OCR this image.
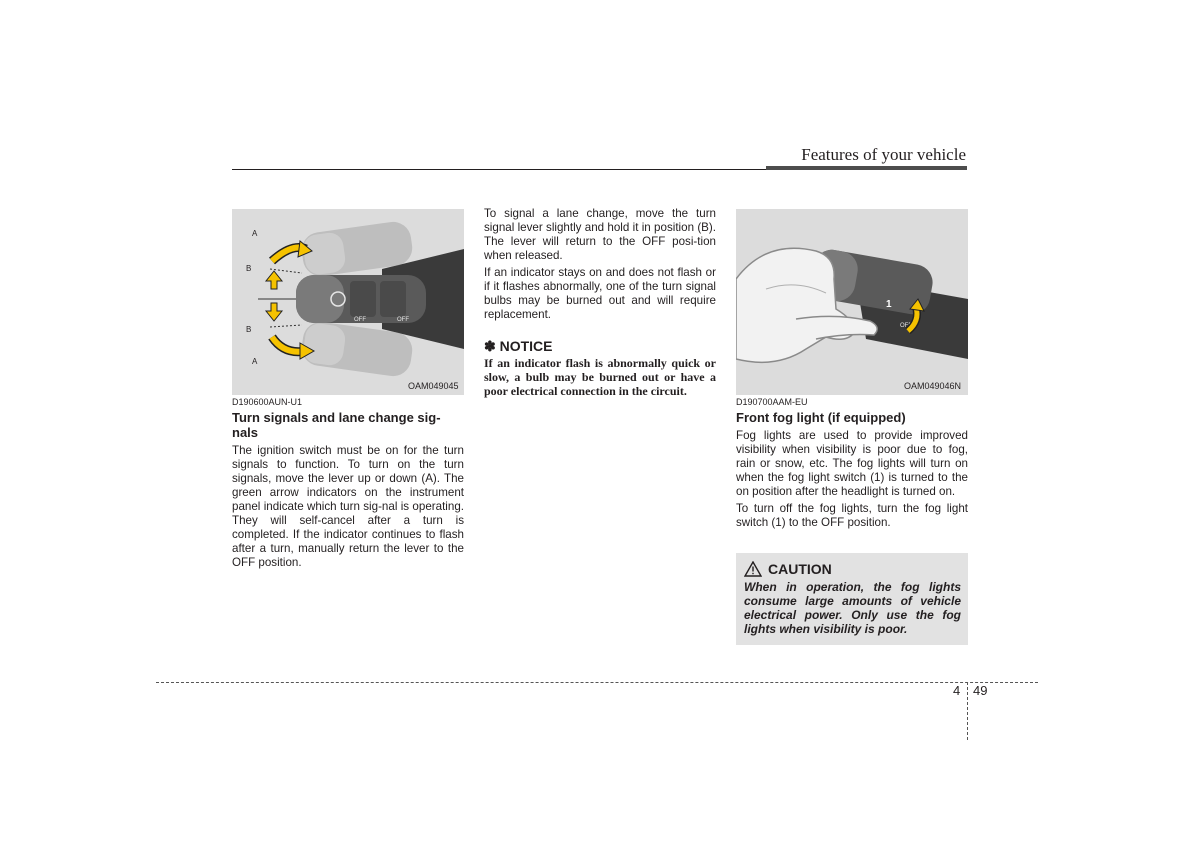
Features of your vehicle
OFF	OFF
A
B
B
A
OAM049045
D190600AUN-U1
Turn signals and lane change sig-nals

The ignition switch must be on for the turn signals to function. To turn on the turn signals, move the lever up or down (A). The green arrow indicators on the instrument panel indicate which turn sig-nal is operating. They will self-cancel after a turn is completed. If the indicator continues to flash after a turn, manually return the lever to the OFF position.

To signal a lane change, move the turn signal lever slightly and hold it in position (B). The lever will return to the OFF posi-tion when released.

If an indicator stays on and does not flash or if it flashes abnormally, one of the turn signal bulbs may be burned out and will require replacement.

✽ NOTICE
If an indicator flash is abnormally quick or slow, a bulb may be burned out or have a poor electrical connection in the circuit.
1
OFF
OAM049046N
D190700AAM-EU
Front fog light (if equipped)

Fog lights are used to provide improved visibility when visibility is poor due to fog, rain or snow, etc. The fog lights will turn on when the fog light switch (1) is turned to the on position after the headlight is turned on.

To turn off the fog lights, turn the fog light switch (1) to the OFF position.

CAUTION
When in operation, the fog lights consume large amounts of vehicle electrical power. Only use the fog lights when visibility is poor.
4 49
